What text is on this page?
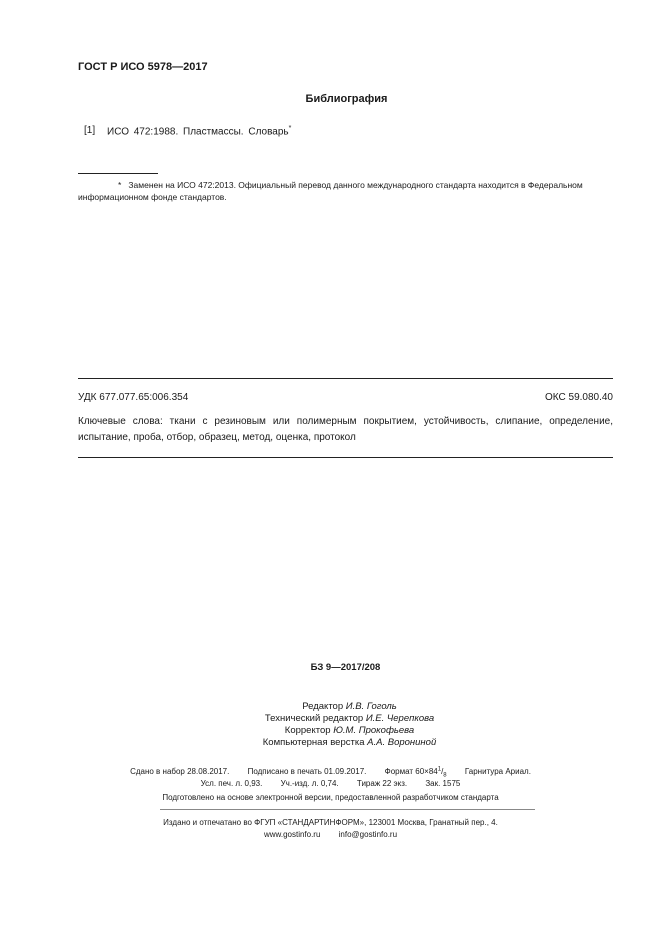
ГОСТ Р ИСО 5978—2017
Библиография
[1] ИСО 472:1988. Пластмассы. Словарь*
* Заменен на ИСО 472:2013. Официальный перевод данного международного стандарта находится в Федеральном информационном фонде стандартов.
УДК 677.077.65:006.354	ОКС 59.080.40
Ключевые слова: ткани с резиновым или полимерным покрытием, устойчивость, слипание, определение, испытание, проба, отбор, образец, метод, оценка, протокол
БЗ 9—2017/208
Редактор И.В. Гоголь
Технический редактор И.Е. Черепкова
Корректор Ю.М. Прокофьева
Компьютерная верстка А.А. Ворониной
Сдано в набор 28.08.2017. Подписано в печать 01.09.2017. Формат $60\times 84^1/_8$ Гарнитура Ариал.
Усл. печ. л. 0,93. Уч.-изд. л. 0,74. Тираж 22 экз. Зак. 1575
Подготовлено на основе электронной версии, предоставленной разработчиком стандарта
Издано и отпечатано во ФГУП «СТАНДАРТИНФОРМ», 123001 Москва, Гранатный пер., 4.
www.gostinfo.ru info@gostinfo.ru
